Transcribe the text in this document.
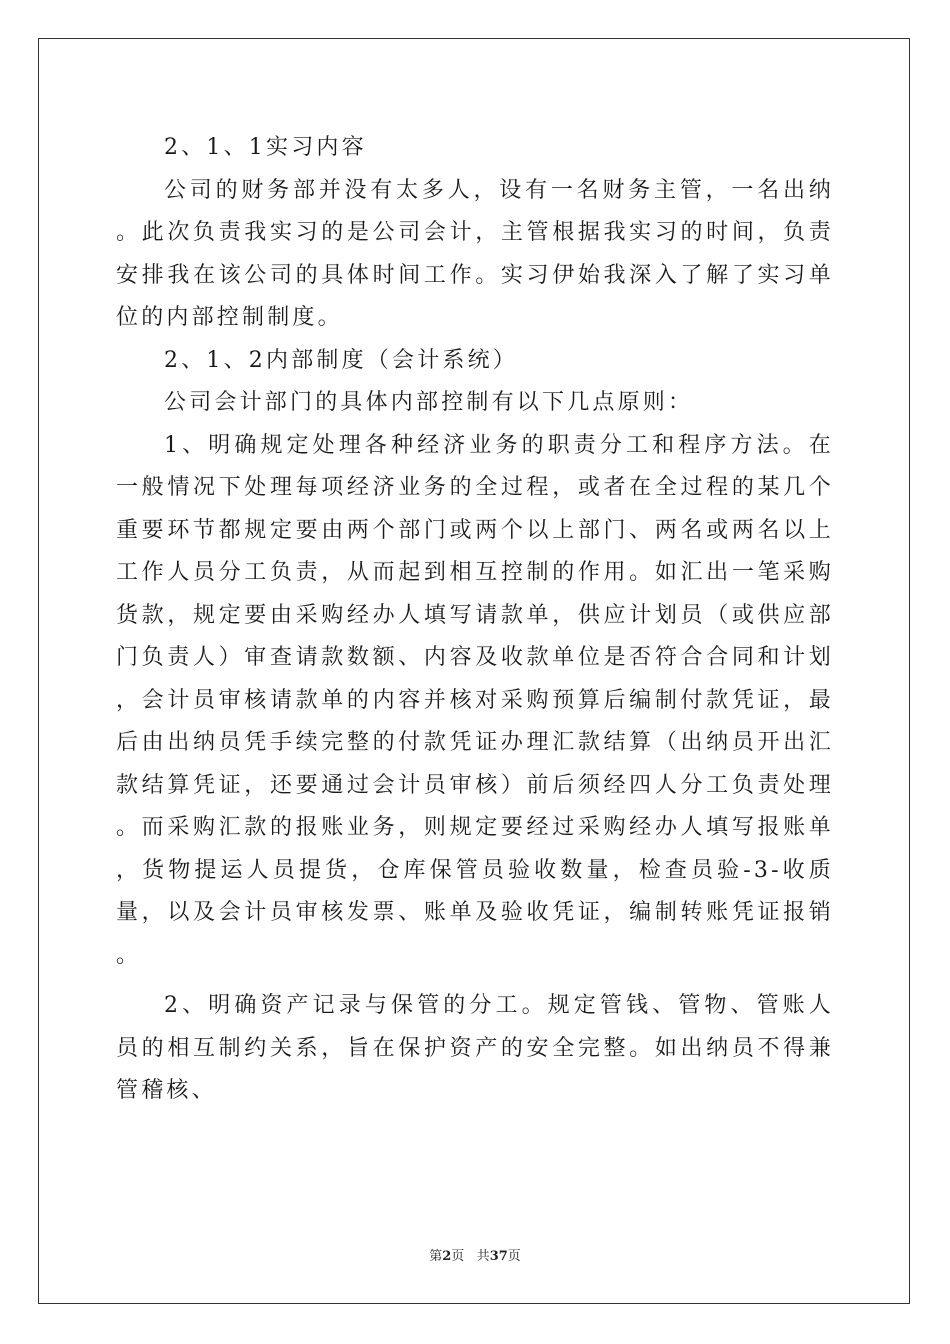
2、1、1实习内容

公司的财务部并没有太多人，设有一名财务主管，一名出纳。此次负责我实习的是公司会计，主管根据我实习的时间，负责安排我在该公司的具体时间工作。实习伊始我深入了解了实习单位的内部控制制度。

2、1、2内部制度（会计系统）

公司会计部门的具体内部控制有以下几点原则：

1、明确规定处理各种经济业务的职责分工和程序方法。在一般情况下处理每项经济业务的全过程，或者在全过程的某几个重要环节都规定要由两个部门或两个以上部门、两名或两名以上工作人员分工负责，从而起到相互控制的作用。如汇出一笔采购货款，规定要由采购经办人填写请款单，供应计划员（或供应部门负责人）审查请款数额、内容及收款单位是否符合合同和计划，会计员审核请款单的内容并核对采购预算后编制付款凭证，最后由出纳员凭手续完整的付款凭证办理汇款结算（出纳员开出汇款结算凭证，还要通过会计员审核）前后须经四人分工负责处理。而采购汇款的报账业务，则规定要经过采购经办人填写报账单，货物提运人员提货，仓库保管员验收数量，检查员验-3-收质量，以及会计员审核发票、账单及验收凭证，编制转账凭证报销。

2、明确资产记录与保管的分工。规定管钱、管物、管账人员的相互制约关系，旨在保护资产的安全完整。如出纳员不得兼管稽核、

第2页 共37页
